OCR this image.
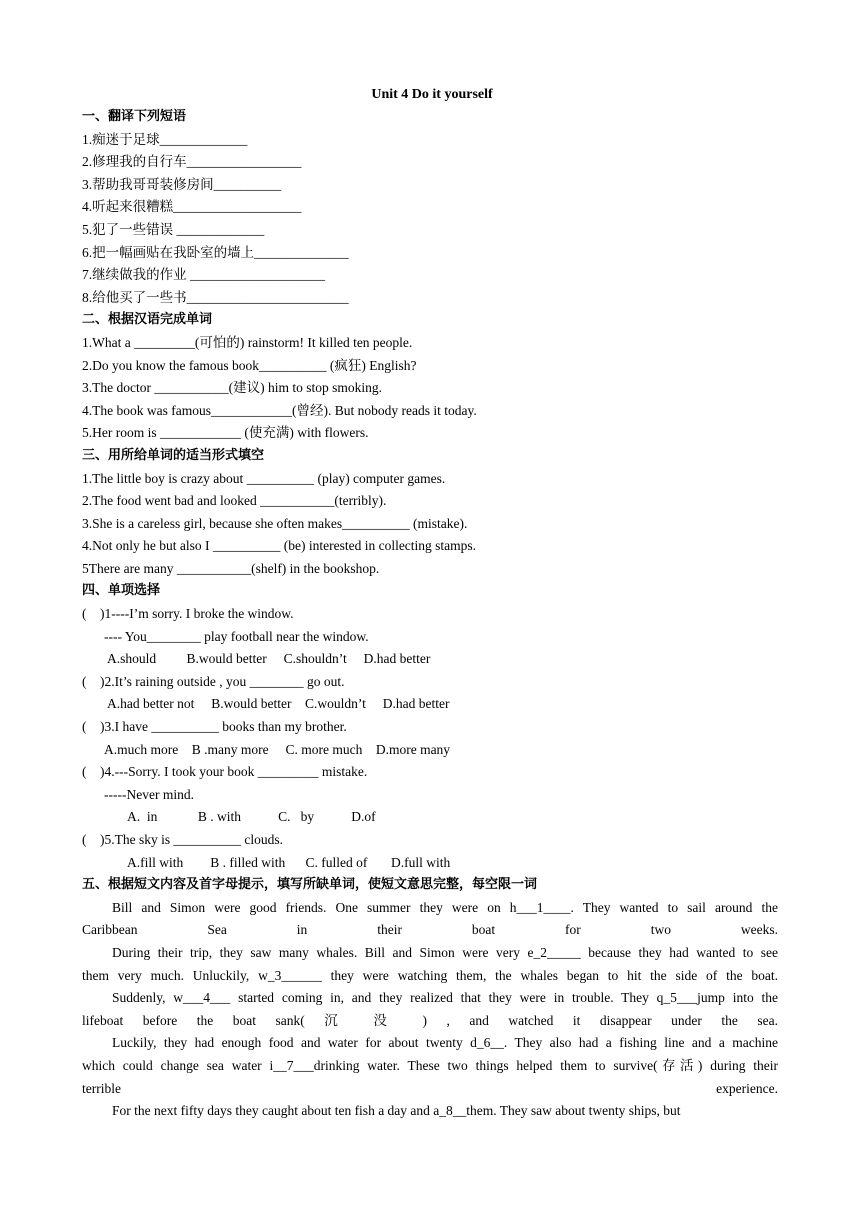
Unit 4 Do it yourself
一、翻译下列短语
1.痴迷于足球_____________
2.修理我的自行车_________________
3.帮助我哥哥装修房间__________
4.听起来很糟糕___________________
5.犯了一些错误 _____________
6.把一幅画贴在我卧室的墙上______________
7.继续做我的作业 ____________________
8.给他买了一些书________________________
二、根据汉语完成单词
1.What a _________(可怕的) rainstorm! It killed ten people.
2.Do you know the famous book__________ (疯狂) English?
3.The doctor ___________(建议) him to stop smoking.
4.The book was famous____________(曾经). But nobody reads it today.
5.Her room is ____________ (使充满) with flowers.
三、用所给单词的适当形式填空
1.The little boy is crazy about __________ (play) computer games.
2.The food went bad and looked ___________(terribly).
3.She is a careless girl, because she often makes__________ (mistake).
4.Not only he but also I __________ (be) interested in collecting stamps.
5There are many ___________(shelf) in the bookshop.
四、单项选择
(    )1----I’m sorry. I broke the window.
---- You________ play football near the window.
A.should         B.would better     C.shouldn’t     D.had better
(    )2.It’s raining outside , you ________ go out.
A.had better not     B.would better    C.wouldn’t     D.had better
(    )3.I have __________ books than my brother.
A.much more    B .many more     C. more much    D.more many
(    )4.---Sorry. I took your book _________ mistake.
-----Never mind.
A.  in            B . with           C.   by           D.of
(    )5.The sky is __________ clouds.
A.fill with        B . filled with      C. fulled of       D.full with
五、根据短文内容及首字母提示，填写所缺单词，使短文意思完整，每空限一词
Bill and Simon were good friends. One summer they were on h___1____. They wanted to sail around the
Caribbean Sea in their boat for two weeks.
During their trip, they saw many whales. Bill and Simon were very e_2_____ because they had wanted to see
them very much. Unluckily, w_3______ they were watching them, the whales began to hit the side of the boat.
Suddenly, w___4___ started coming in, and they realized that they were in trouble. They q_5___jump into the
lifeboat before the boat sank( 沉 没 ) , and watched it disappear under the sea.
Luckily, they had enough food and water for about twenty d_6__. They also had a fishing line and a machine
which could change sea water i__7___drinking water. These two things helped them to survive(存活) during their
terrible experience.
For the next fifty days they caught about ten fish a day and a_8__them. They saw about twenty ships, but
